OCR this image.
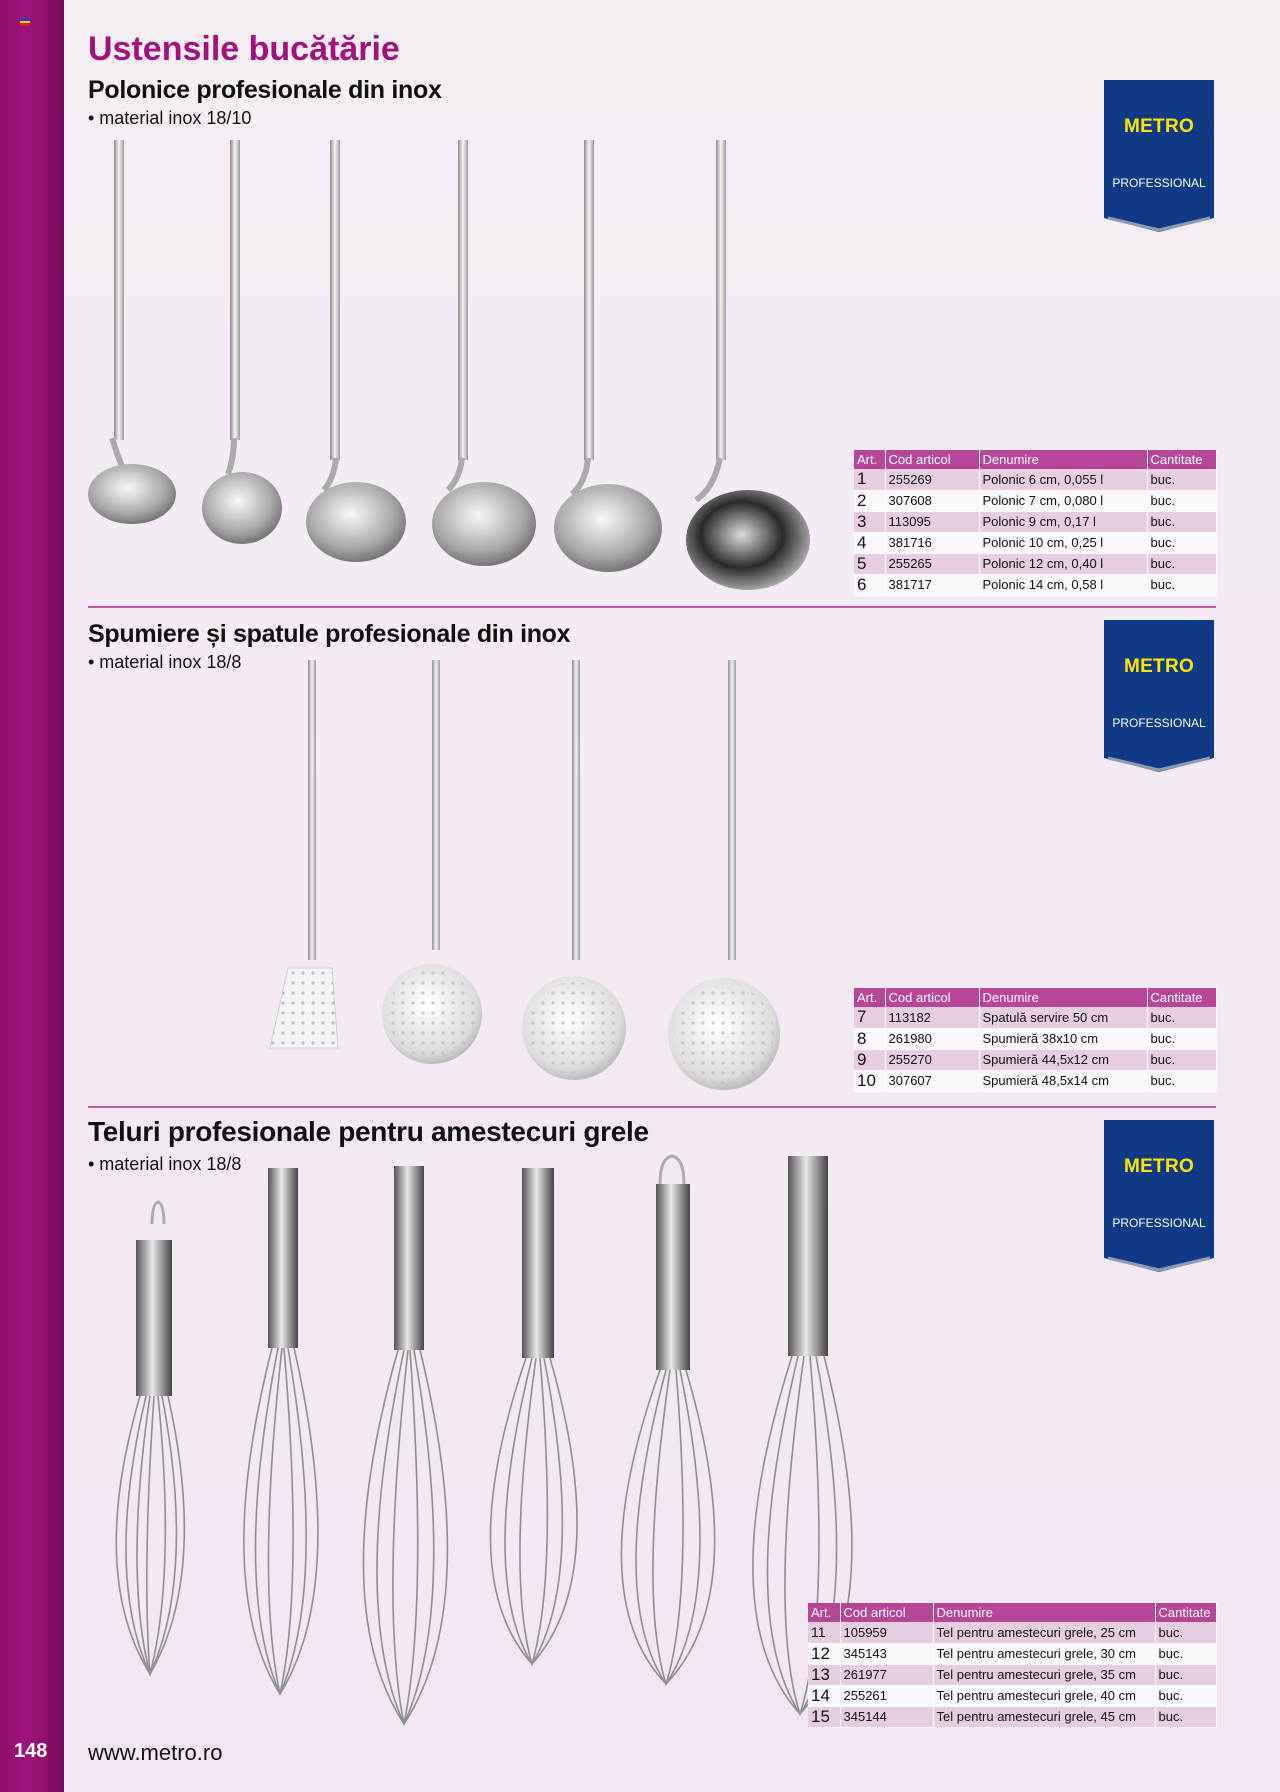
148
Ustensile bucătărie
Polonice profesionale din inox
• material inox 18/10	METRO
PROFESSIONAL
Art.	Cod articol	Denumire	Cantitate
1	255269	Polonic 6 cm, 0,055 l	buc.
2	307608	Polonic 7 cm, 0,080 l	buc.
3	113095	Polonic 9 cm, 0,17 l	buc.
4	381716	Polonic 10 cm, 0,25 l	buc.
5	255265	Polonic 12 cm, 0,40 l	buc.
6	381717	Polonic 14 cm, 0,58 l	buc.
Spumiere și spatule profesionale din inox
• material inox 18/8	METRO
PROFESSIONAL
Art.	Cod articol	Denumire	Cantitate
7	113182	Spatulă servire 50 cm	buc.
8	261980	Spumieră 38x10 cm	buc.
9	255270	Spumieră 44,5x12 cm	buc.
10	307607	Spumieră 48,5x14 cm	buc.
Teluri profesionale pentru amestecuri grele
• material inox 18/8	METRO
PROFESSIONAL
Art.	Cod articol	Denumire	Cantitate
11	105959	Tel pentru amestecuri grele, 25 cm	buc.
12	345143	Tel pentru amestecuri grele, 30 cm	buc.
13	261977	Tel pentru amestecuri grele, 35 cm	buc.
14	255261	Tel pentru amestecuri grele, 40 cm	buc.
15	345144	Tel pentru amestecuri grele, 45 cm	buc.
www.metro.ro
